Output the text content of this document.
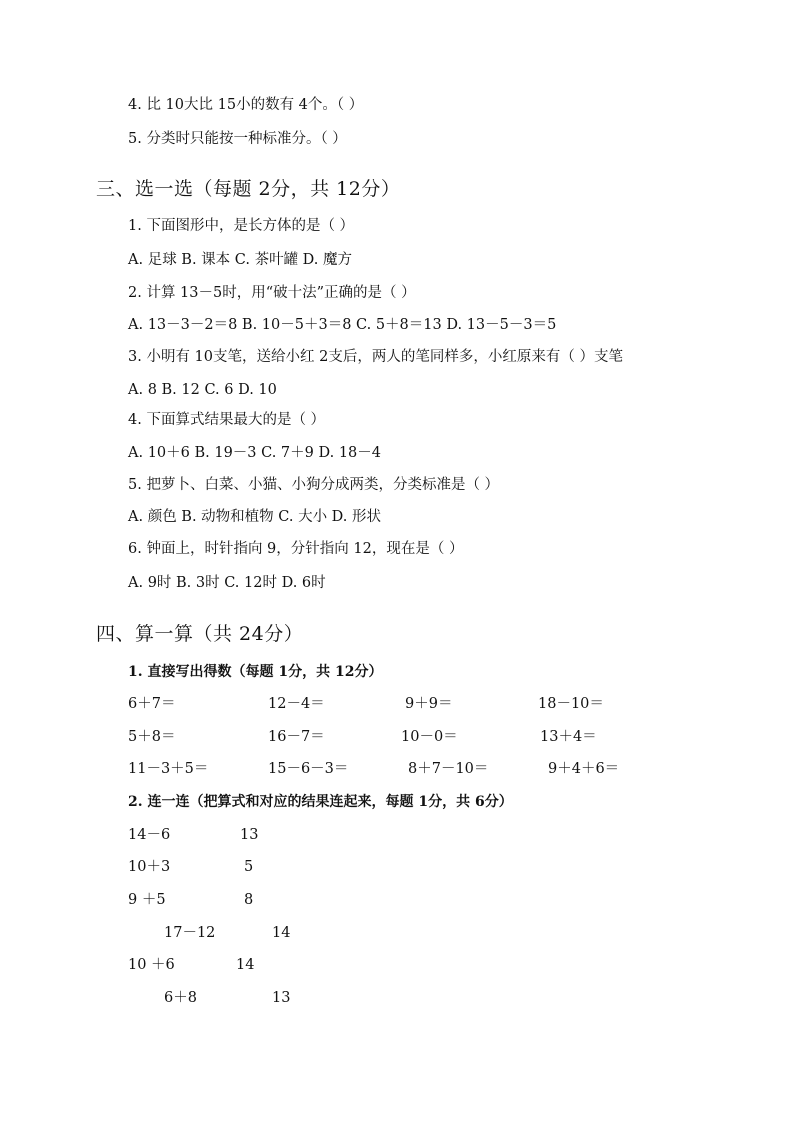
4. 比 10大比 15小的数有 4个。（ ）
5. 分类时只能按一种标准分。（ ）
三、选一选（每题 2分，共 12分）
1. 下面图形中，是长方体的是（ ）
A. 足球 B. 课本 C. 茶叶罐 D. 魔方
2. 计算 13－5时，用“破十法”正确的是（ ）
A. 13－3－2＝8 B. 10－5＋3＝8 C. 5＋8＝13 D. 13－5－3＝5
3. 小明有 10支笔，送给小红 2支后，两人的笔同样多，小红原来有（ ）支笔
A. 8 B. 12 C. 6 D. 10
4. 下面算式结果最大的是（ ）
A. 10＋6 B. 19－3 C. 7＋9 D. 18－4
5. 把萝卜、白菜、小猫、小狗分成两类，分类标准是（ ）
A. 颜色 B. 动物和植物 C. 大小 D. 形状
6. 钟面上，时针指向 9，分针指向 12，现在是（ ）
A. 9时 B. 3时 C. 12时 D. 6时
四、算一算（共 24分）
1. 直接写出得数（每题 1分，共 12分）
6＋7＝	12－4＝	9＋9＝	18－10＝
5＋8＝	16－7＝	10－0＝	13＋4＝
11－3＋5＝	15－6－3＝	8＋7－10＝	9＋4＋6＝
2. 连一连（把算式和对应的结果连起来，每题 1分，共 6分）
14－6	13
10＋3	5
9 ＋5	8
17－12	14
10 ＋6	14
6＋8	13
